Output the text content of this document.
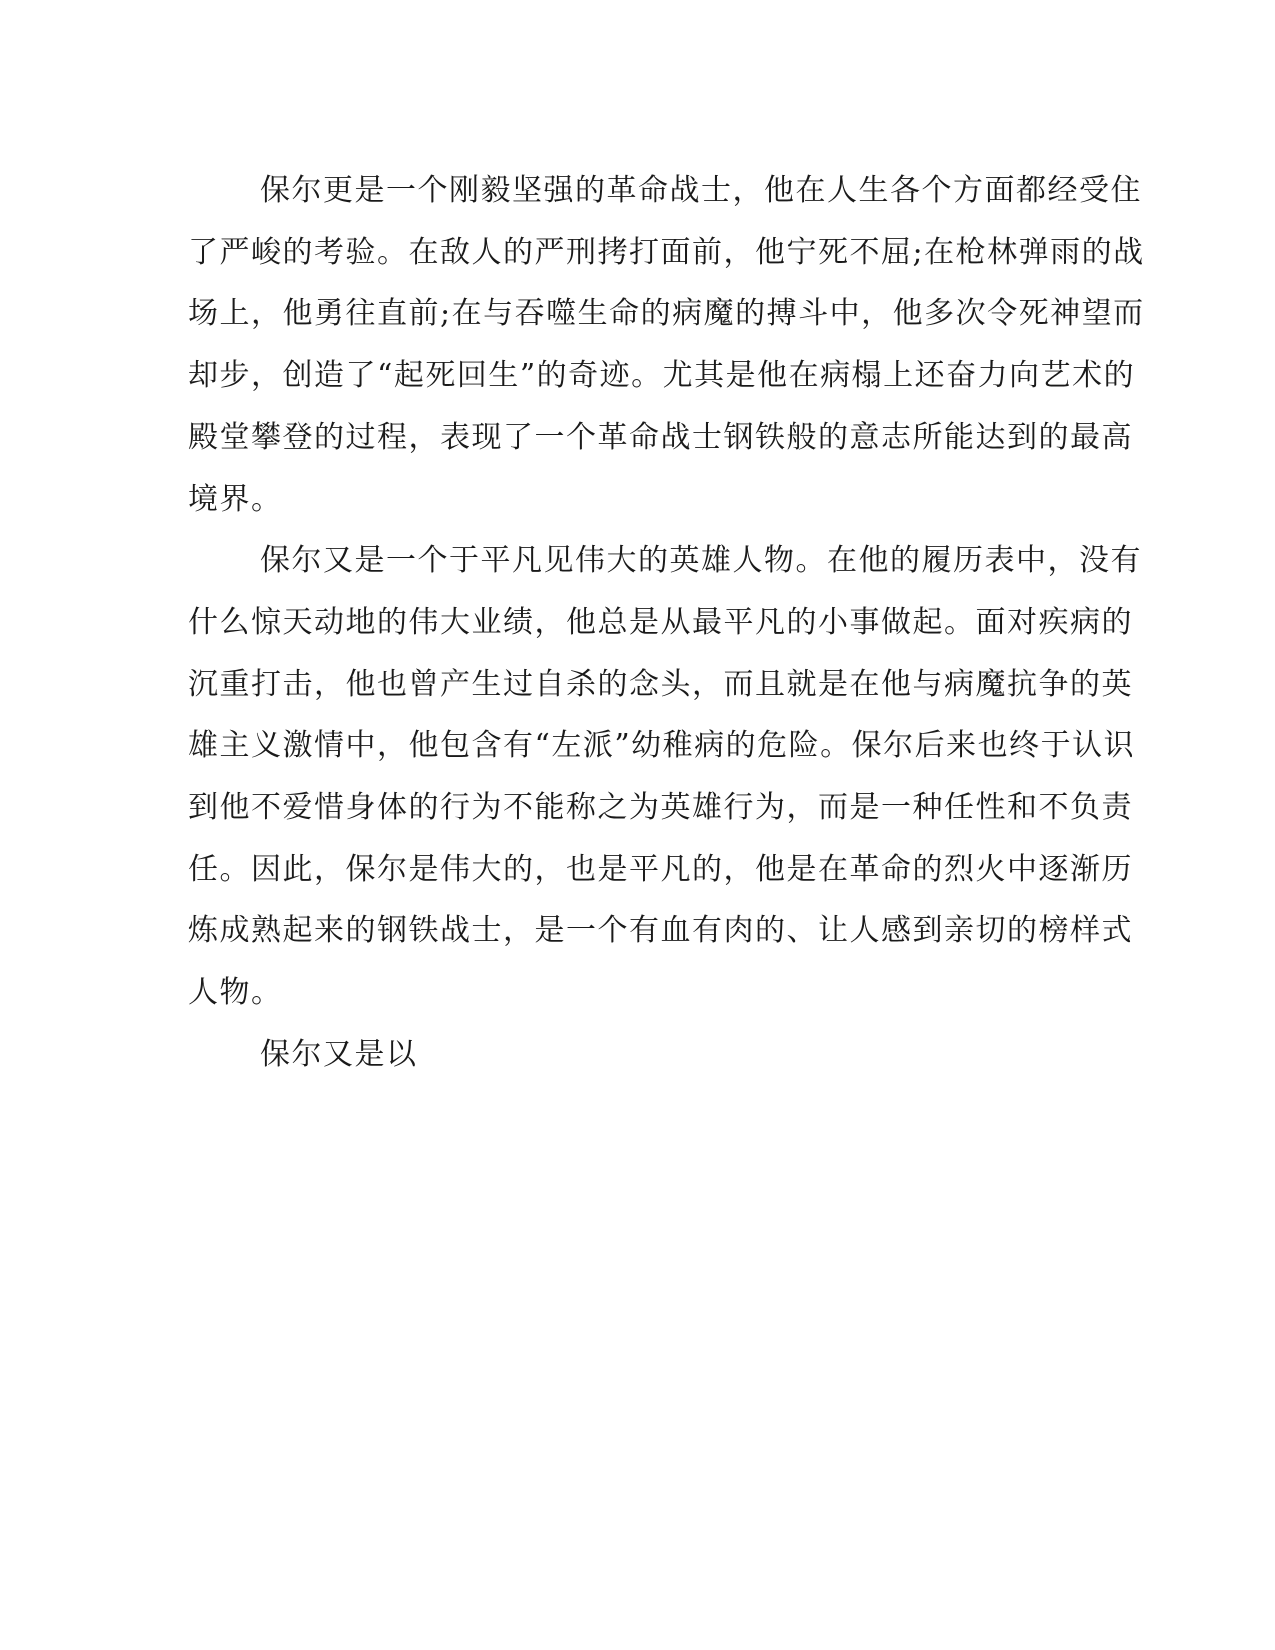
保尔更是一个刚毅坚强的革命战士，他在人生各个方面都经受住
了严峻的考验。在敌人的严刑拷打面前，他宁死不屈;在枪林弹雨的战
场上，他勇往直前;在与吞噬生命的病魔的搏斗中，他多次令死神望而
却步，创造了“起死回生”的奇迹。尤其是他在病榻上还奋力向艺术的
殿堂攀登的过程，表现了一个革命战士钢铁般的意志所能达到的最高
境界。

保尔又是一个于平凡见伟大的英雄人物。在他的履历表中，没有
什么惊天动地的伟大业绩，他总是从最平凡的小事做起。面对疾病的
沉重打击，他也曾产生过自杀的念头，而且就是在他与病魔抗争的英
雄主义激情中，他包含有“左派”幼稚病的危险。保尔后来也终于认识
到他不爱惜身体的行为不能称之为英雄行为，而是一种任性和不负责
任。因此，保尔是伟大的，也是平凡的，他是在革命的烈火中逐渐历
炼成熟起来的钢铁战士，是一个有血有肉的、让人感到亲切的榜样式
人物。

保尔又是以
